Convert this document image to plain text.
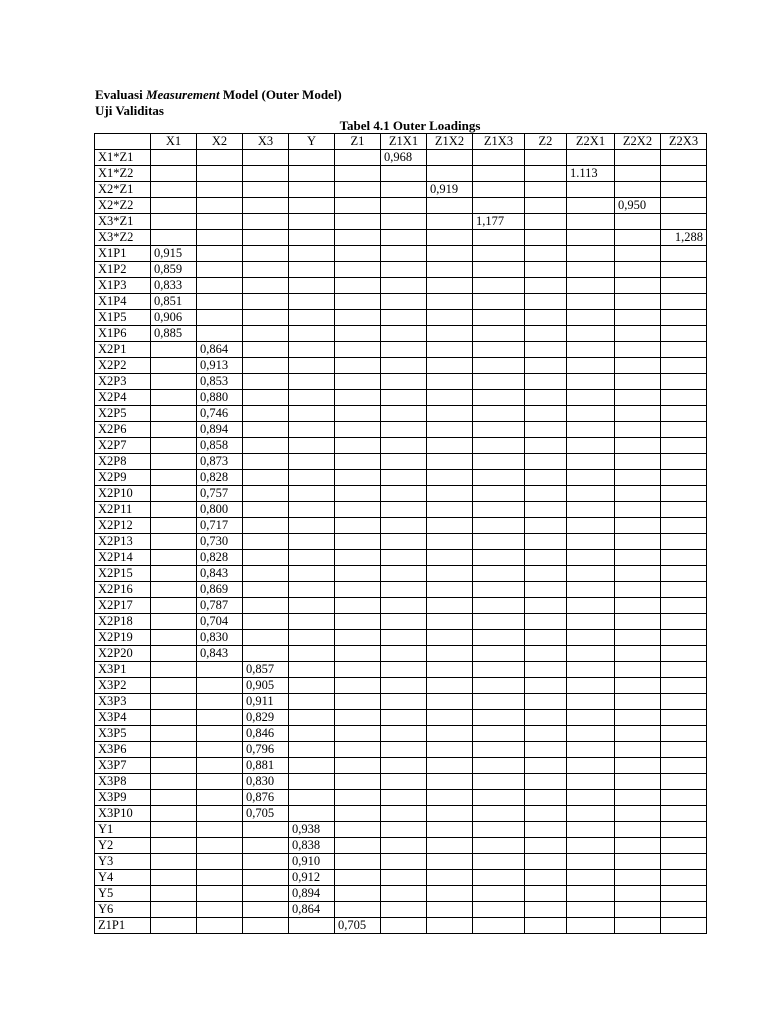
Evaluasi Measurement Model (Outer Model)
Uji Validitas
Tabel 4.1 Outer Loadings
	X1	X2	X3	Y	Z1	Z1X1	Z1X2	Z1X3	Z2	Z2X1	Z2X2	Z2X3
X1*Z1						0,968						
X1*Z2										1.113		
X2*Z1							0,919					
X2*Z2											0,950	
X3*Z1								1,177				
X3*Z2												1,288
X1P1	0,915											
X1P2	0,859											
X1P3	0,833											
X1P4	0,851											
X1P5	0,906											
X1P6	0,885											
X2P1		0,864										
X2P2		0,913										
X2P3		0,853										
X2P4		0,880										
X2P5		0,746										
X2P6		0,894										
X2P7		0,858										
X2P8		0,873										
X2P9		0,828										
X2P10		0,757										
X2P11		0,800										
X2P12		0,717										
X2P13		0,730										
X2P14		0,828										
X2P15		0,843										
X2P16		0,869										
X2P17		0,787										
X2P18		0,704										
X2P19		0,830										
X2P20		0,843										
X3P1			0,857									
X3P2			0,905									
X3P3			0,911									
X3P4			0,829									
X3P5			0,846									
X3P6			0,796									
X3P7			0,881									
X3P8			0,830									
X3P9			0,876									
X3P10			0,705									
Y1				0,938								
Y2				0,838								
Y3				0,910								
Y4				0,912								
Y5				0,894								
Y6				0,864								
Z1P1					0,705							
